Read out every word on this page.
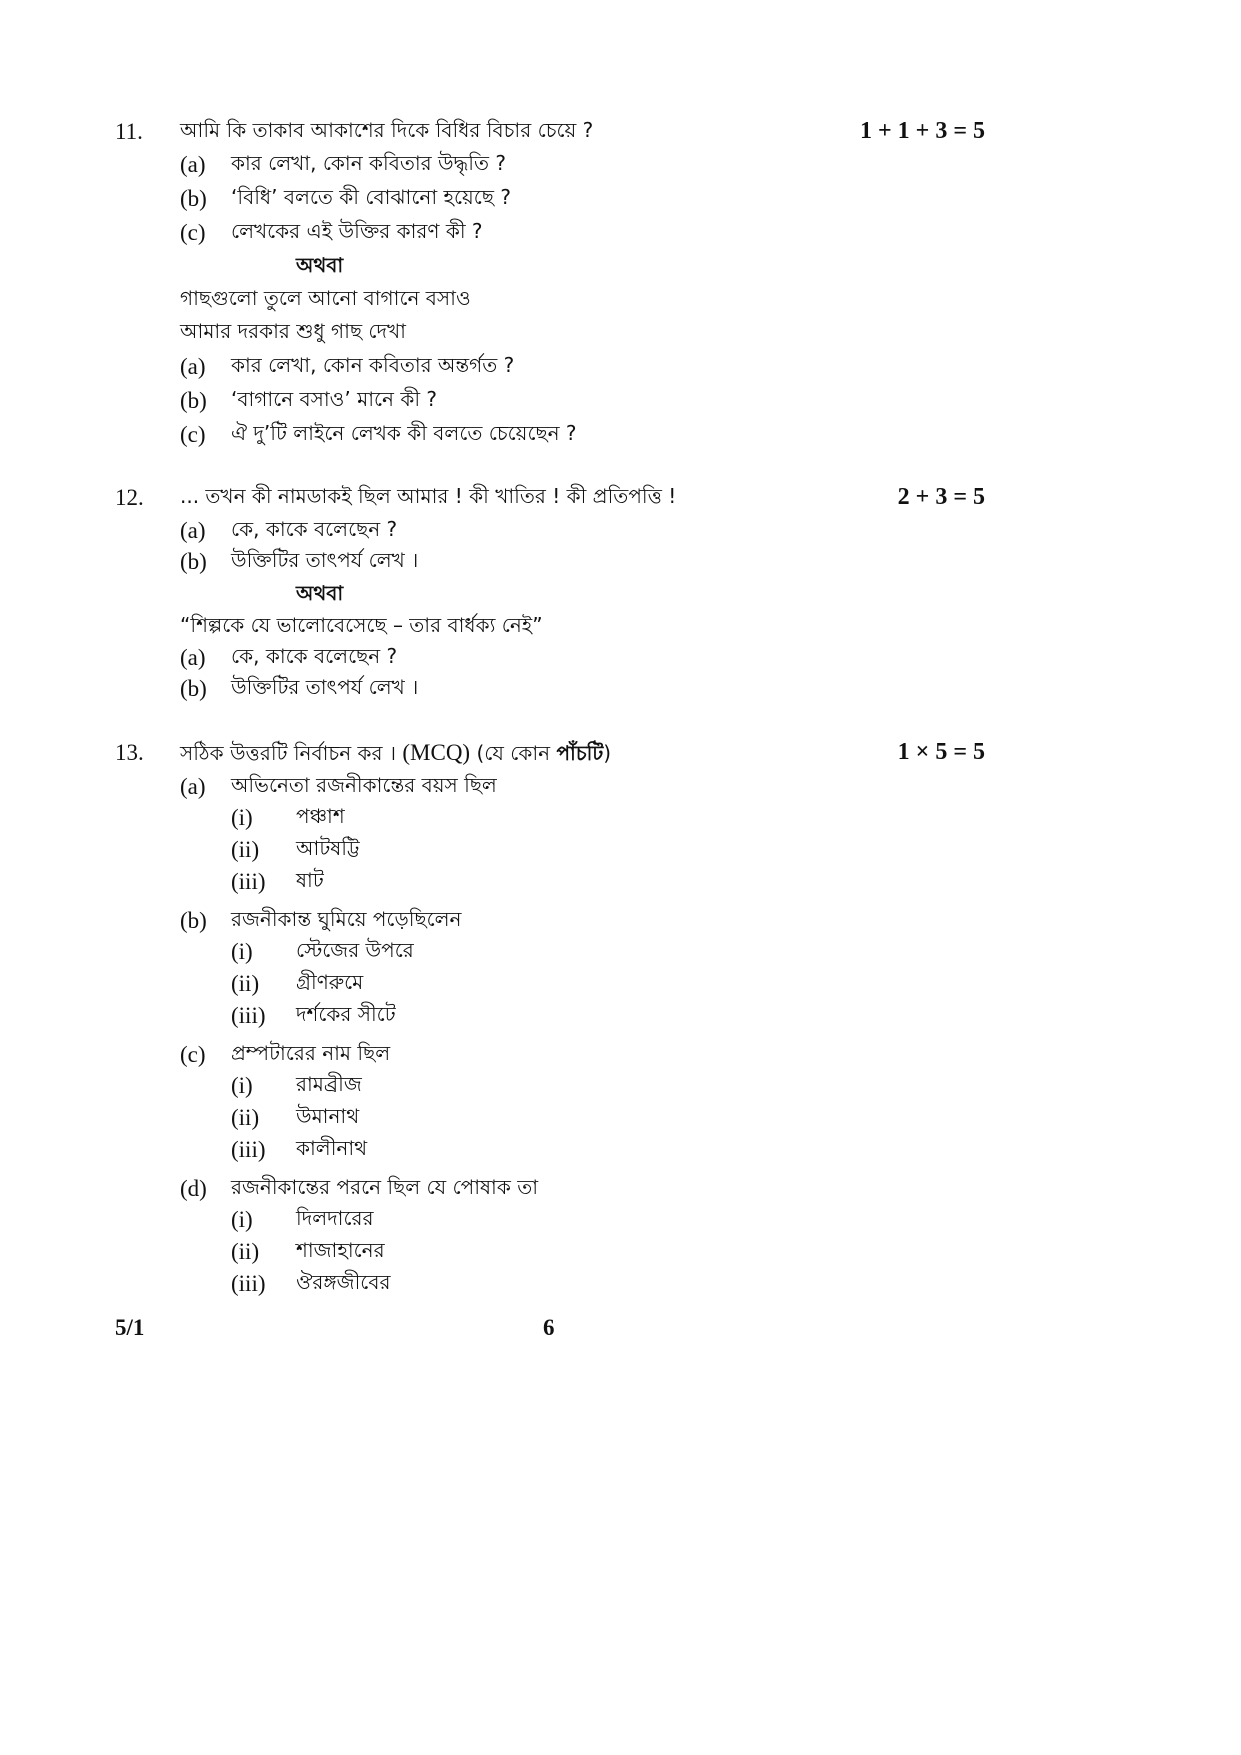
11. আমি কি তাকাব আকাশের দিকে বিধির বিচার চেয়ে ?	1 + 1 + 3 = 5
(a) কার লেখা, কোন কবিতার উদ্ধৃতি ?
(b) ‘বিধি’ বলতে কী বোঝানো হয়েছে ?
(c) লেখকের এই উক্তির কারণ কী ?
অথবা
গাছগুলো তুলে আনো বাগানে বসাও
আমার দরকার শুধু গাছ দেখা
(a) কার লেখা, কোন কবিতার অন্তর্গত ?
(b) ‘বাগানে বসাও’ মানে কী ?
(c) ঐ দু’টি লাইনে লেখক কী বলতে চেয়েছেন ?
12. ... তখন কী নামডাকই ছিল আমার ! কী খাতির ! কী প্রতিপত্তি !	2 + 3 = 5
(a) কে, কাকে বলেছেন ?
(b) উক্তিটির তাৎপর্য লেখ ।
অথবা
“শিল্পকে যে ভালোবেসেছে – তার বার্ধক্য নেই”
(a) কে, কাকে বলেছেন ?
(b) উক্তিটির তাৎপর্য লেখ ।
13. সঠিক উত্তরটি নির্বাচন কর । (MCQ) (যে কোন পাঁচটি)	1 × 5 = 5
(a) অভিনেতা রজনীকান্তের বয়স ছিল
(i) পঞ্চাশ
(ii) আটষট্টি
(iii) ষাট
(b) রজনীকান্ত ঘুমিয়ে পড়েছিলেন
(i) স্টেজের উপরে
(ii) গ্রীণরুমে
(iii) দর্শকের সীটে
(c) প্রম্পটারের নাম ছিল
(i) রামব্রীজ
(ii) উমানাথ
(iii) কালীনাথ
(d) রজনীকান্তের পরনে ছিল যে পোষাক তা
(i) দিলদারের
(ii) শাজাহানের
(iii) ঔরঙ্গজীবের
5/1	6
